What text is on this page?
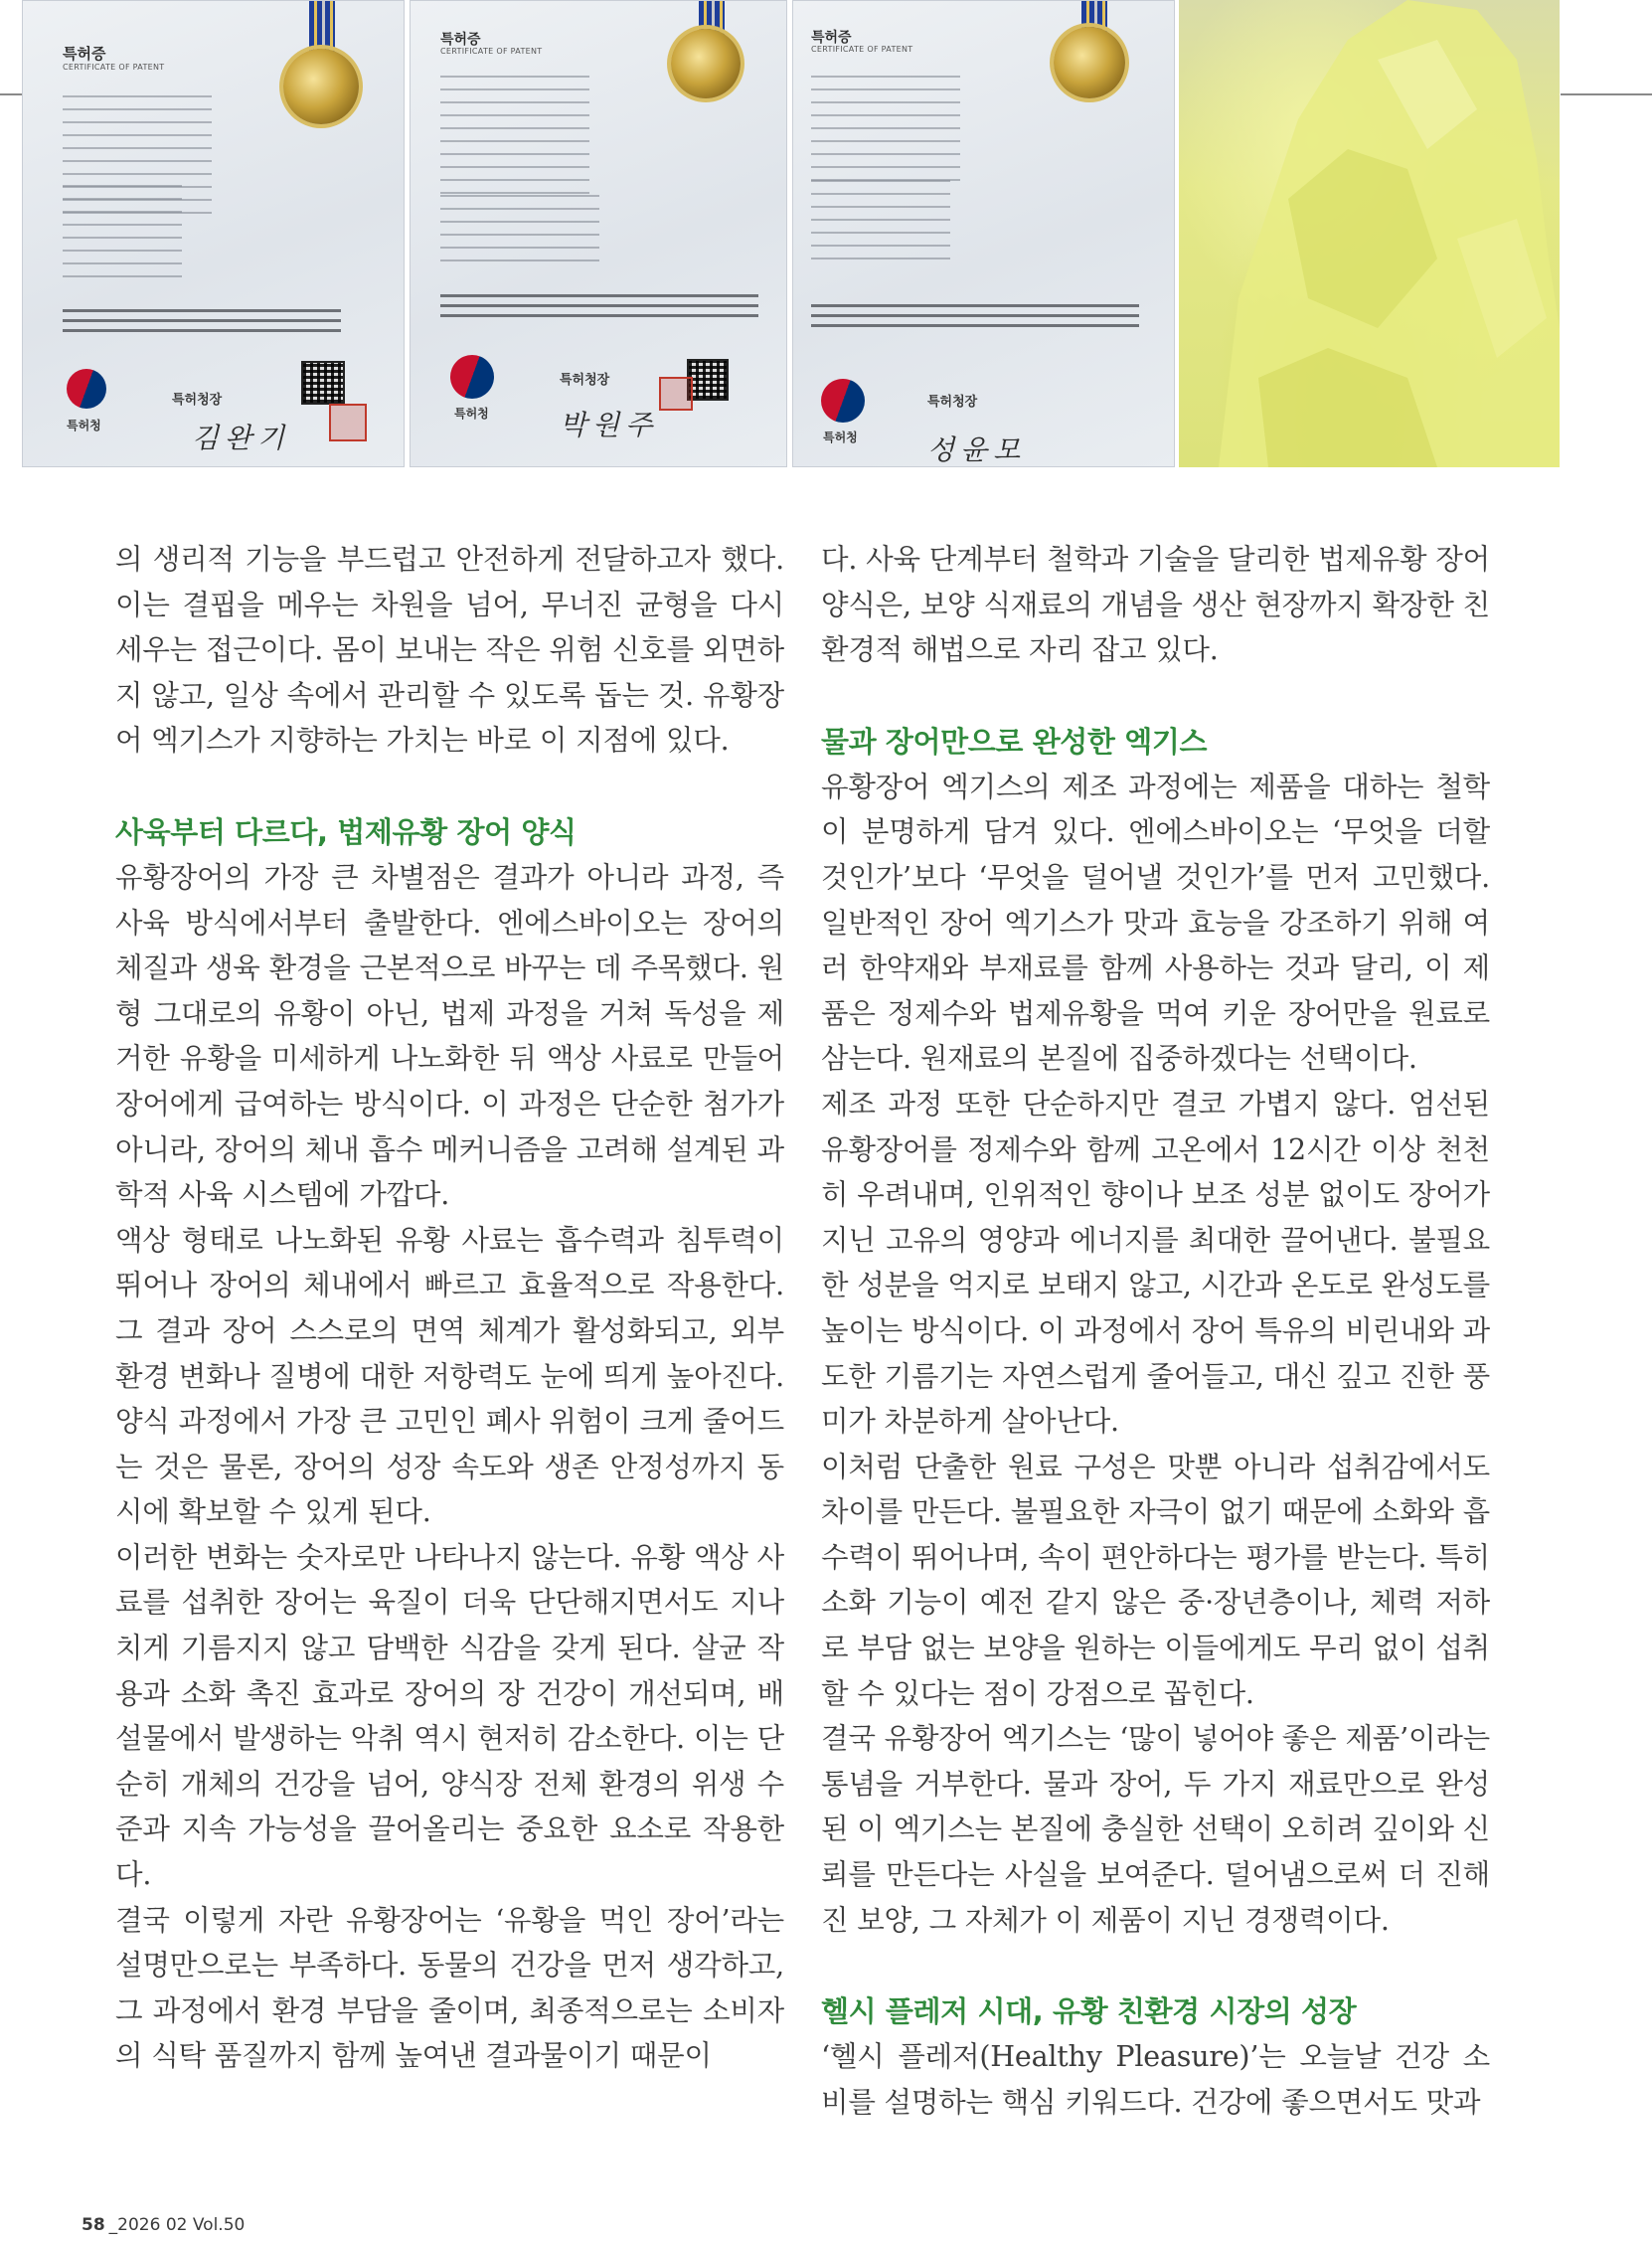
특허증
CERTIFICATE OF PATENT
특허청
특허청장
김완기
특허증
CERTIFICATE OF PATENT
특허청
특허청장
박원주
특허증
CERTIFICATE OF PATENT
특허청
특허청장
성윤모

의 생리적 기능을 부드럽고 안전하게 전달하고자 했다. 이는 결핍을 메우는 차원을 넘어, 무너진 균형을 다시 세우는 접근이다. 몸이 보내는 작은 위험 신호를 외면하지 않고, 일상 속에서 관리할 수 있도록 돕는 것. 유황장어 엑기스가 지향하는 가치는 바로 이 지점에 있다.

사육부터 다르다, 법제유황 장어 양식

유황장어의 가장 큰 차별점은 결과가 아니라 과정, 즉 사육 방식에서부터 출발한다. 엔에스바이오는 장어의 체질과 생육 환경을 근본적으로 바꾸는 데 주목했다. 원형 그대로의 유황이 아닌, 법제 과정을 거쳐 독성을 제거한 유황을 미세하게 나노화한 뒤 액상 사료로 만들어 장어에게 급여하는 방식이다. 이 과정은 단순한 첨가가 아니라, 장어의 체내 흡수 메커니즘을 고려해 설계된 과학적 사육 시스템에 가깝다.

액상 형태로 나노화된 유황 사료는 흡수력과 침투력이 뛰어나 장어의 체내에서 빠르고 효율적으로 작용한다. 그 결과 장어 스스로의 면역 체계가 활성화되고, 외부 환경 변화나 질병에 대한 저항력도 눈에 띄게 높아진다. 양식 과정에서 가장 큰 고민인 폐사 위험이 크게 줄어드는 것은 물론, 장어의 성장 속도와 생존 안정성까지 동시에 확보할 수 있게 된다.

이러한 변화는 숫자로만 나타나지 않는다. 유황 액상 사료를 섭취한 장어는 육질이 더욱 단단해지면서도 지나치게 기름지지 않고 담백한 식감을 갖게 된다. 살균 작용과 소화 촉진 효과로 장어의 장 건강이 개선되며, 배설물에서 발생하는 악취 역시 현저히 감소한다. 이는 단순히 개체의 건강을 넘어, 양식장 전체 환경의 위생 수준과 지속 가능성을 끌어올리는 중요한 요소로 작용한다.

결국 이렇게 자란 유황장어는 ‘유황을 먹인 장어’라는 설명만으로는 부족하다. 동물의 건강을 먼저 생각하고, 그 과정에서 환경 부담을 줄이며, 최종적으로는 소비자의 식탁 품질까지 함께 높여낸 결과물이기 때문이

다. 사육 단계부터 철학과 기술을 달리한 법제유황 장어 양식은, 보양 식재료의 개념을 생산 현장까지 확장한 친환경적 해법으로 자리 잡고 있다.

물과 장어만으로 완성한 엑기스

유황장어 엑기스의 제조 과정에는 제품을 대하는 철학이 분명하게 담겨 있다. 엔에스바이오는 ‘무엇을 더할 것인가’보다 ‘무엇을 덜어낼 것인가’를 먼저 고민했다. 일반적인 장어 엑기스가 맛과 효능을 강조하기 위해 여러 한약재와 부재료를 함께 사용하는 것과 달리, 이 제품은 정제수와 법제유황을 먹여 키운 장어만을 원료로 삼는다. 원재료의 본질에 집중하겠다는 선택이다.

제조 과정 또한 단순하지만 결코 가볍지 않다. 엄선된 유황장어를 정제수와 함께 고온에서 12시간 이상 천천히 우려내며, 인위적인 향이나 보조 성분 없이도 장어가 지닌 고유의 영양과 에너지를 최대한 끌어낸다. 불필요한 성분을 억지로 보태지 않고, 시간과 온도로 완성도를 높이는 방식이다. 이 과정에서 장어 특유의 비린내와 과도한 기름기는 자연스럽게 줄어들고, 대신 깊고 진한 풍미가 차분하게 살아난다.

이처럼 단출한 원료 구성은 맛뿐 아니라 섭취감에서도 차이를 만든다. 불필요한 자극이 없기 때문에 소화와 흡수력이 뛰어나며, 속이 편안하다는 평가를 받는다. 특히 소화 기능이 예전 같지 않은 중·장년층이나, 체력 저하로 부담 없는 보양을 원하는 이들에게도 무리 없이 섭취할 수 있다는 점이 강점으로 꼽힌다.

결국 유황장어 엑기스는 ‘많이 넣어야 좋은 제품’이라는 통념을 거부한다. 물과 장어, 두 가지 재료만으로 완성된 이 엑기스는 본질에 충실한 선택이 오히려 깊이와 신뢰를 만든다는 사실을 보여준다. 덜어냄으로써 더 진해진 보양, 그 자체가 이 제품이 지닌 경쟁력이다.

헬시 플레저 시대, 유황 친환경 시장의 성장

‘헬시 플레저(Healthy Pleasure)’는 오늘날 건강 소비를 설명하는 핵심 키워드다. 건강에 좋으면서도 맛과

58 _2026 02 Vol.50
